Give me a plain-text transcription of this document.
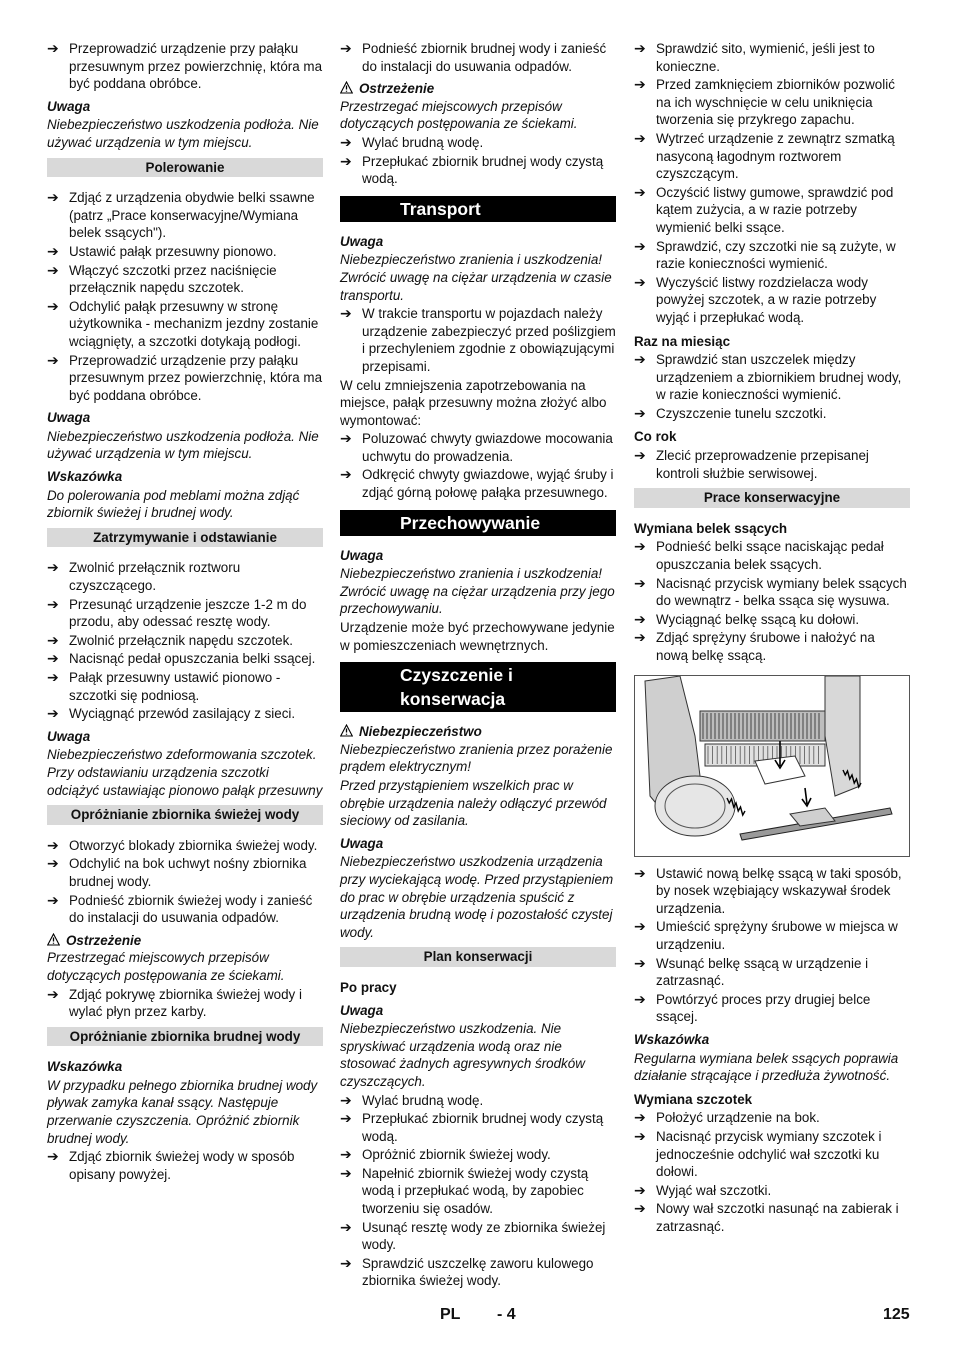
➔ Przeprowadzić urządzenie przy pałąku przesuwnym przez powierzchnię, która ma być poddana obróbce.
Uwaga
Niebezpieczeństwo uszkodzenia podłoża. Nie używać urządzenia w tym miejscu.
Polerowanie
➔ Zdjąć z urządzenia obydwie belki ssawne (patrz „Prace konserwacyjne/Wymiana belek ssących").
➔ Ustawić pałąk przesuwny pionowo.
➔ Włączyć szczotki przez naciśnięcie przełącznik napędu szczotek.
➔ Odchylić pałąk przesuwny w stronę użytkownika - mechanizm jezdny zostanie wciągnięty, a szczotki dotykają podłogi.
➔ Przeprowadzić urządzenie przy pałąku przesuwnym przez powierzchnię, która ma być poddana obróbce.
Uwaga
Niebezpieczeństwo uszkodzenia podłoża. Nie używać urządzenia w tym miejscu.
Wskazówka
Do polerowania pod meblami można zdjąć zbiornik świeżej i brudnej wody.
Zatrzymywanie i odstawianie
➔ Zwolnić przełącznik roztworu czyszczącego.
➔ Przesunąć urządzenie jeszcze 1-2 m do przodu, aby odessać resztę wody.
➔ Zwolnić przełącznik napędu szczotek.
➔ Nacisnąć pedał opuszczania belki ssącej.
➔ Pałąk przesuwny ustawić pionowo - szczotki się podniosą.
➔ Wyciągnąć przewód zasilający z sieci.
Uwaga
Niebezpieczeństwo zdeformowania szczotek. Przy odstawianiu urządzenia szczotki odciążyć ustawiając pionowo pałąk przesuwny
Opróżnianie zbiornika świeżej wody
➔ Otworzyć blokady zbiornika świeżej wody.
➔ Odchylić na bok uchwyt nośny zbiornika brudnej wody.
➔ Podnieść zbiornik świeżej wody i zanieść do instalacji do usuwania odpadów.
Ostrzeżenie
Przestrzegać miejscowych przepisów dotyczących postępowania ze ściekami.
➔ Zdjąć pokrywę zbiornika świeżej wody i wylać płyn przez karby.
Opróżnianie zbiornika brudnej wody
Wskazówka
W przypadku pełnego zbiornika brudnej wody pływak zamyka kanał ssący. Następuje przerwanie czyszczenia. Opróżnić zbiornik brudnej wody.
➔ Zdjąć zbiornik świeżej wody w sposób opisany powyżej.
➔ Podnieść zbiornik brudnej wody i zanieść do instalacji do usuwania odpadów.
Ostrzeżenie
Przestrzegać miejscowych przepisów dotyczących postępowania ze ściekami.
➔ Wylać brudną wodę.
➔ Przepłukać zbiornik brudnej wody czystą wodą.
Transport
Uwaga
Niebezpieczeństwo zranienia i uszkodzenia! Zwrócić uwagę na ciężar urządzenia w czasie transportu.
➔ W trakcie transportu w pojazdach należy urządzenie zabezpieczyć przed poślizgiem i przechyleniem zgodnie z obowiązującymi przepisami.
W celu zmniejszenia zapotrzebowania na miejsce, pałąk przesuwny można złożyć albo wymontować:
➔ Poluzować chwyty gwiazdowe mocowania uchwytu do prowadzenia.
➔ Odkręcić chwyty gwiazdowe, wyjąć śruby i zdjąć górną połowę pałąka przesuwnego.
Przechowywanie
Uwaga
Niebezpieczeństwo zranienia i uszkodzenia! Zwrócić uwagę na ciężar urządzenia przy jego przechowywaniu.
Urządzenie może być przechowywane jedynie w pomieszczeniach wewnętrznych.
Czyszczenie i konserwacja
Niebezpieczeństwo
Niebezpieczeństwo zranienia przez porażenie prądem elektrycznym!
Przed przystąpieniem wszelkich prac w obrębie urządzenia należy odłączyć przewód sieciowy od zasilania.
Uwaga
Niebezpieczeństwo uszkodzenia urządzenia przy wyciekającą wodę. Przed przystąpieniem do prac w obrębie urządzenia spuścić z urządzenia brudną wodę i pozostałość czystej wody.
Plan konserwacji
Po pracy
Uwaga
Niebezpieczeństwo uszkodzenia. Nie spryskiwać urządzenia wodą oraz nie stosować żadnych agresywnych środków czyszczących.
➔ Wylać brudną wodę.
➔ Przepłukać zbiornik brudnej wody czystą wodą.
➔ Opróżnić zbiornik świeżej wody.
➔ Napełnić zbiornik świeżej wody czystą wodą i przepłukać wodą, by zapobiec tworzeniu się osadów.
➔ Usunąć resztę wody ze zbiornika świeżej wody.
➔ Sprawdzić uszczelkę zaworu kulowego zbiornika świeżej wody.
➔ Sprawdzić sito, wymienić, jeśli jest to konieczne.
➔ Przed zamknięciem zbiorników pozwolić na ich wyschnięcie w celu uniknięcia tworzenia się przykrego zapachu.
➔ Wytrzeć urządzenie z zewnątrz szmatką nasyconą łagodnym roztworem czyszczącym.
➔ Oczyścić listwy gumowe, sprawdzić pod kątem zużycia, a w razie potrzeby wymienić belki ssące.
➔ Sprawdzić, czy szczotki nie są zużyte, w razie konieczności wymienić.
➔ Wyczyścić listwy rozdzielacza wody powyżej szczotek, a w razie potrzeby wyjąć i przepłukać wodą.
Raz na miesiąc
➔ Sprawdzić stan uszczelek między urządzeniem a zbiornikiem brudnej wody, w razie konieczności wymienić.
➔ Czyszczenie tunelu szczotki.
Co rok
➔ Zlecić przeprowadzenie przepisanej kontroli służbie serwisowej.
Prace konserwacyjne
Wymiana belek ssących
➔ Podnieść belki ssące naciskając pedał opuszczania belek ssących.
➔ Nacisnąć przycisk wymiany belek ssących do wewnątrz - belka ssąca się wysuwa.
➔ Wyciągnąć belkę ssącą ku dołowi.
➔ Zdjąć sprężyny śrubowe i nałożyć na nową belkę ssącą.
➔ Ustawić nową belkę ssącą w taki sposób, by nosek wzębiający wskazywał środek urządzenia.
➔ Umieścić sprężyny śrubowe w miejsca w urządzeniu.
➔ Wsunąć belkę ssącą w urządzenie i zatrzasnąć.
➔ Powtórzyć proces przy drugiej belce ssącej.
Wskazówka
Regularna wymiana belek ssących poprawia działanie strącające i przedłuża żywotność.
Wymiana szczotek
➔ Położyć urządzenie na bok.
➔ Nacisnąć przycisk wymiany szczotek i jednocześnie odchylić wał szczotki ku dołowi.
➔ Wyjąć wał szczotki.
➔ Nowy wał szczotki nasunąć na zabierak i zatrzasnąć.
PL - 4	125
